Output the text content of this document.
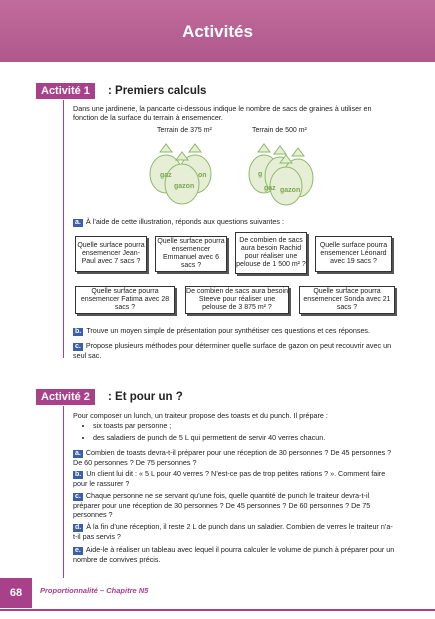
Activités
Activité 1	: Premiers calculs
Dans une jardinerie, la pancarte ci-dessous indique le nombre de sacs de graines à utiliser en fonction de la surface du terrain à ensemencer.
Terrain de 375 m²	Terrain de 500 m²
gaz	on
gazon
g
gaz gazon
a. À l’aide de cette illustration, réponds aux questions suivantes :
Quelle surface pourra ensemencer Jean-Paul avec 7 sacs ?
Quelle surface pourra ensemencer Emmanuel avec 6 sacs ?
De combien de sacs aura besoin Rachid pour réaliser une pelouse de 1 500 m² ?
Quelle surface pourra ensemencer Léonard avec 19 sacs ?
Quelle surface pourra ensemencer Fatima avec 28 sacs ?
De combien de sacs aura besoin Steeve pour réaliser une pelouse de 3 875 m² ?
Quelle surface pourra ensemencer Sonda avec 21 sacs ?
b. Trouve un moyen simple de présentation pour synthétiser ces questions et ces réponses.
c. Propose plusieurs méthodes pour déterminer quelle surface de gazon on peut recouvrir avec un seul sac.
Activité 2	: Et pour un ?
Pour composer un lunch, un traiteur propose des toasts et du punch. Il prépare :
• six toasts par personne ;
• des saladiers de punch de 5 L qui permettent de servir 40 verres chacun.
a. Combien de toasts devra-t-il préparer pour une réception de 30 personnes ? De 45 personnes ? De 60 personnes ? De 75 personnes ?
b. Un client lui dit : « 5 L pour 40 verres ? N’est-ce pas de trop petites rations ? ». Comment faire pour le rassurer ?
c. Chaque personne ne se servant qu’une fois, quelle quantité de punch le traiteur devra-t-il préparer pour une réception de 30 personnes ? De 45 personnes ? De 60 personnes ? De 75 personnes ?
d. À la fin d’une réception, il reste 2 L de punch dans un saladier. Combien de verres le traiteur n’a-t-il pas servis ?
e. Aide-le à réaliser un tableau avec lequel il pourra calculer le volume de punch à préparer pour un nombre de convives précis.
68	Proportionnalité – Chapitre N5
